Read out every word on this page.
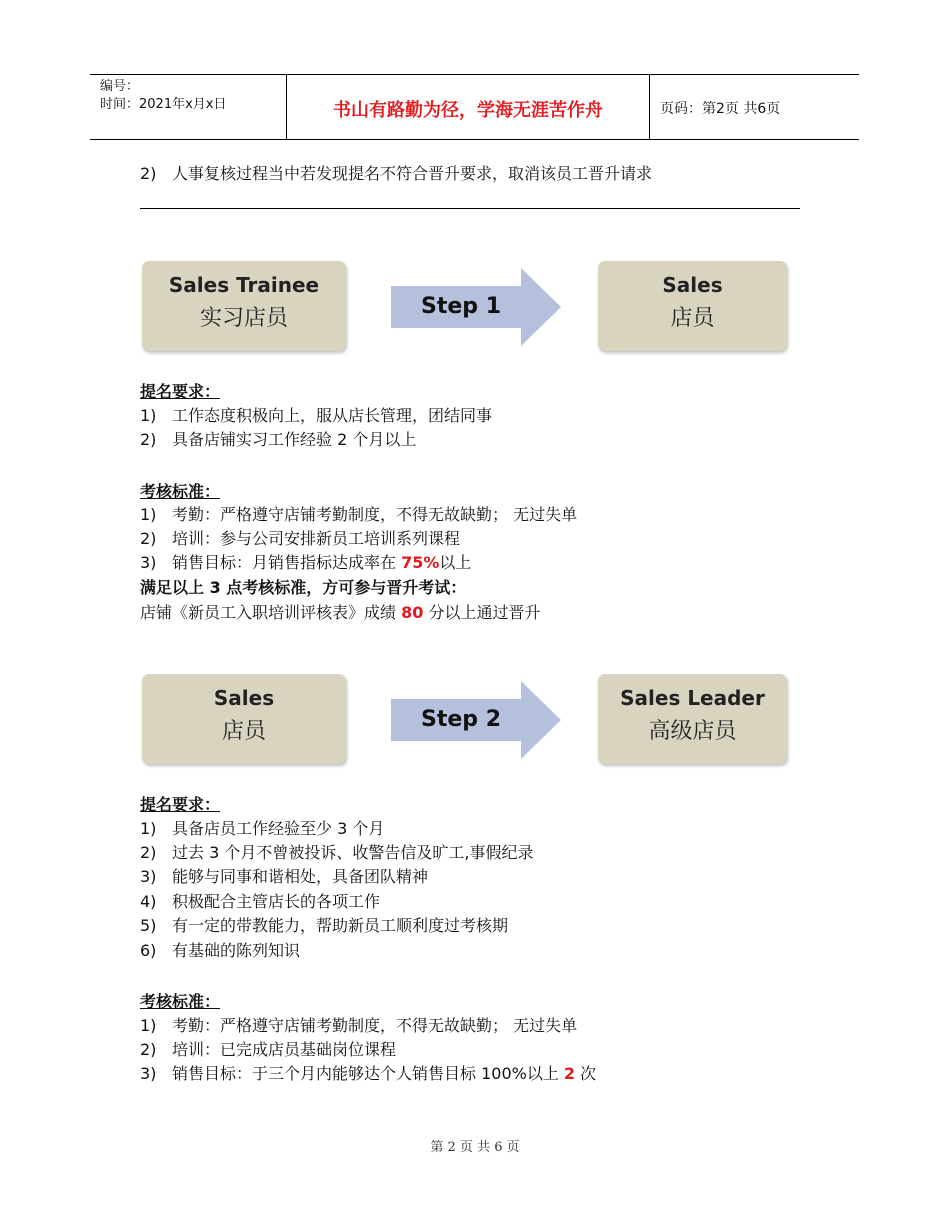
编号：
时间：2021年x月x日	书山有路勤为径，学海无涯苦作舟	页码：第2页 共6页
2) 人事复核过程当中若发现提名不符合晋升要求，取消该员工晋升请求
Sales Trainee
实习店员	Step 1
Sales
店员
提名要求：
1) 工作态度积极向上，服从店长管理，团结同事
2) 具备店铺实习工作经验 2 个月以上
考核标准：
1) 考勤：严格遵守店铺考勤制度，不得无故缺勤； 无过失单
2) 培训：参与公司安排新员工培训系列课程
3) 销售目标：月销售指标达成率在 75%以上
满足以上 3 点考核标准，方可参与晋升考试：
店铺《新员工入职培训评核表》成绩 80 分以上通过晋升
Sales
店员	Step 2
Sales Leader
高级店员
提名要求：
1) 具备店员工作经验至少 3 个月
2) 过去 3 个月不曾被投诉、收警告信及旷工,事假纪录
3) 能够与同事和谐相处，具备团队精神
4) 积极配合主管店长的各项工作
5) 有一定的带教能力，帮助新员工顺利度过考核期
6) 有基础的陈列知识
考核标准：
1) 考勤：严格遵守店铺考勤制度，不得无故缺勤； 无过失单
2) 培训：已完成店员基础岗位课程
3) 销售目标：于三个月内能够达个人销售目标 100%以上 2 次
第 2 页 共 6 页
